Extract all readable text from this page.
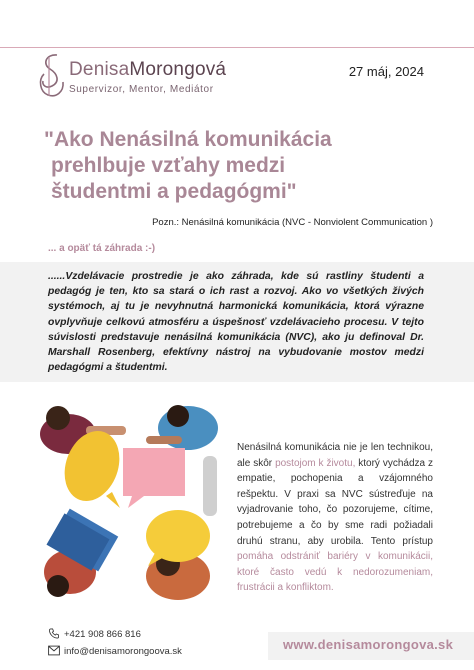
DenisaMorongová
Supervizor, Mentor, Mediátor
27 máj, 2024
"Ako Nenásilná komunikácia
prehlbuje vzťahy medzi
študentmi a pedagógmi"
Pozn.: Nenásilná komunikácia (NVC - Nonviolent Communication )
... a opäť tá záhrada :-)

......Vzdelávacie prostredie je ako záhrada, kde sú rastliny študenti a pedagóg je ten, kto sa stará o ich rast a rozvoj. Ako vo všetkých živých systémoch, aj tu je nevyhnutná harmonická komunikácia, ktorá výrazne ovplyvňuje celkovú atmosféru a úspešnosť vzdelávacieho procesu. V tejto súvislosti predstavuje nenásilná komunikácia (NVC), ako ju definoval Dr. Marshall Rosenberg, efektívny nástroj na vybudovanie mostov medzi pedagógmi a študentmi.

Nenásilná komunikácia nie je len technikou, ale skôr postojom k životu, ktorý vychádza z empatie, pochopenia a vzájomného rešpektu. V praxi sa NVC sústreďuje na vyjadrovanie toho, čo pozorujeme, cítime, potrebujeme a čo by sme radi požiadali druhú stranu, aby urobila. Tento prístup pomáha odstrániť bariéry v komunikácii, ktoré často vedú k nedorozumeniam, frustrácii a konfliktom.

+421 908 866 816
info@denisamorongoova.sk	www.denisamorongova.sk
